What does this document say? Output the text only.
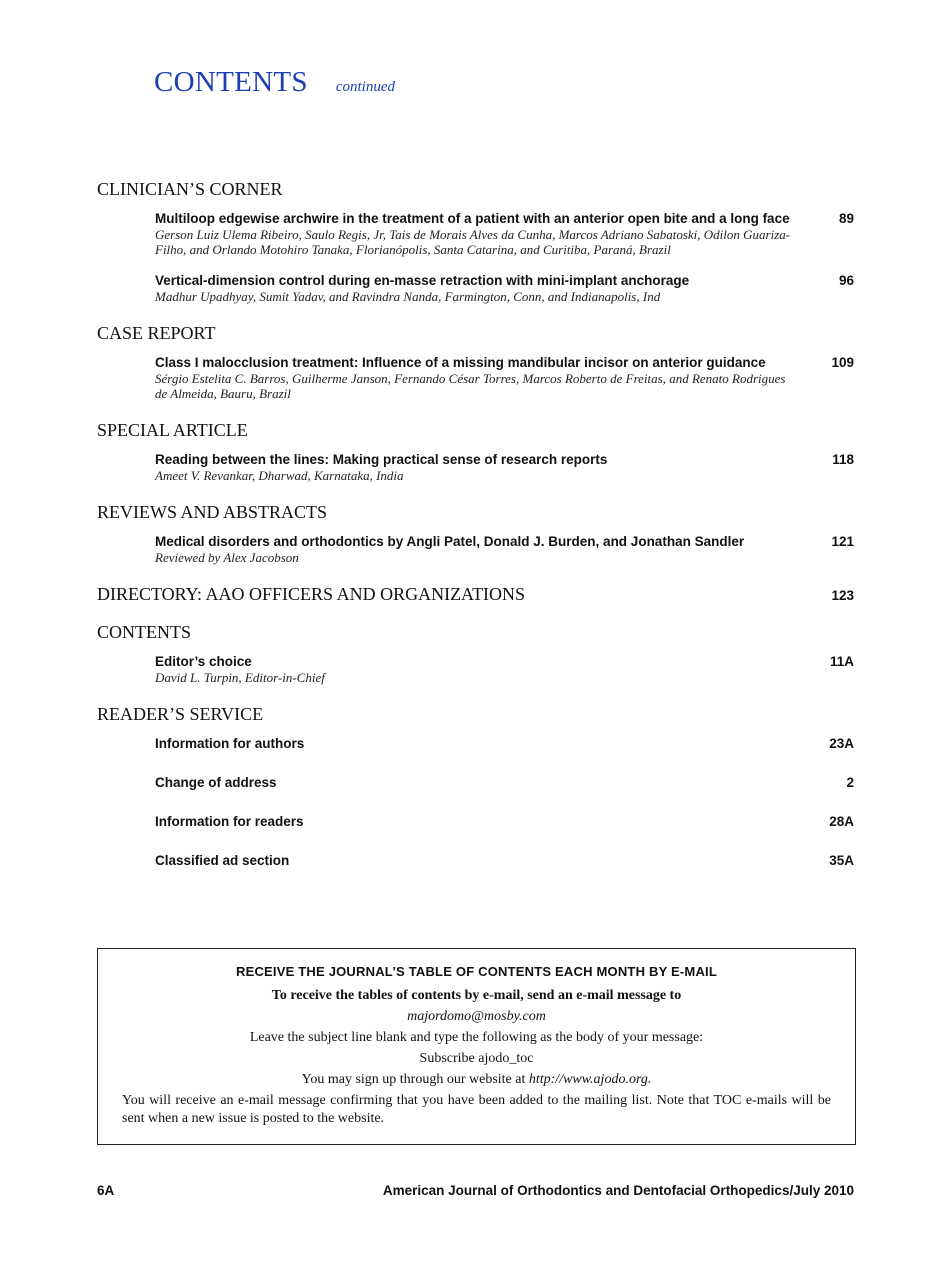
CONTENTS continued
CLINICIAN’S CORNER
Multiloop edgewise archwire in the treatment of a patient with an anterior open bite and a long face	89
Gerson Luiz Ulema Ribeiro, Saulo Regis, Jr, Tais de Morais Alves da Cunha, Marcos Adriano Sabatoski, Odilon Guariza-Filho, and Orlando Motohiro Tanaka, Florianópolis, Santa Catarina, and Curitiba, Paraná, Brazil
Vertical-dimension control during en-masse retraction with mini-implant anchorage	96
Madhur Upadhyay, Sumit Yadav, and Ravindra Nanda, Farmington, Conn, and Indianapolis, Ind
CASE REPORT
Class I malocclusion treatment: Influence of a missing mandibular incisor on anterior guidance	109
Sérgio Estelita C. Barros, Guilherme Janson, Fernando César Torres, Marcos Roberto de Freitas, and Renato Rodrigues de Almeida, Bauru, Brazil
SPECIAL ARTICLE
Reading between the lines: Making practical sense of research reports	118
Ameet V. Revankar, Dharwad, Karnataka, India
REVIEWS AND ABSTRACTS
Medical disorders and orthodontics by Angli Patel, Donald J. Burden, and Jonathan Sandler	121
Reviewed by Alex Jacobson
DIRECTORY: AAO OFFICERS AND ORGANIZATIONS	123
CONTENTS
Editor’s choice	11A
David L. Turpin, Editor-in-Chief
READER’S SERVICE
Information for authors	23A
Change of address	2
Information for readers	28A
Classified ad section	35A
RECEIVE THE JOURNAL’S TABLE OF CONTENTS EACH MONTH BY E-MAIL
To receive the tables of contents by e-mail, send an e-mail message to
majordomo@mosby.com
Leave the subject line blank and type the following as the body of your message:
Subscribe ajodo_toc
You may sign up through our website at http://www.ajodo.org.
You will receive an e-mail message confirming that you have been added to the mailing list. Note that TOC e-mails will be sent when a new issue is posted to the website.
6A	American Journal of Orthodontics and Dentofacial Orthopedics/July 2010
